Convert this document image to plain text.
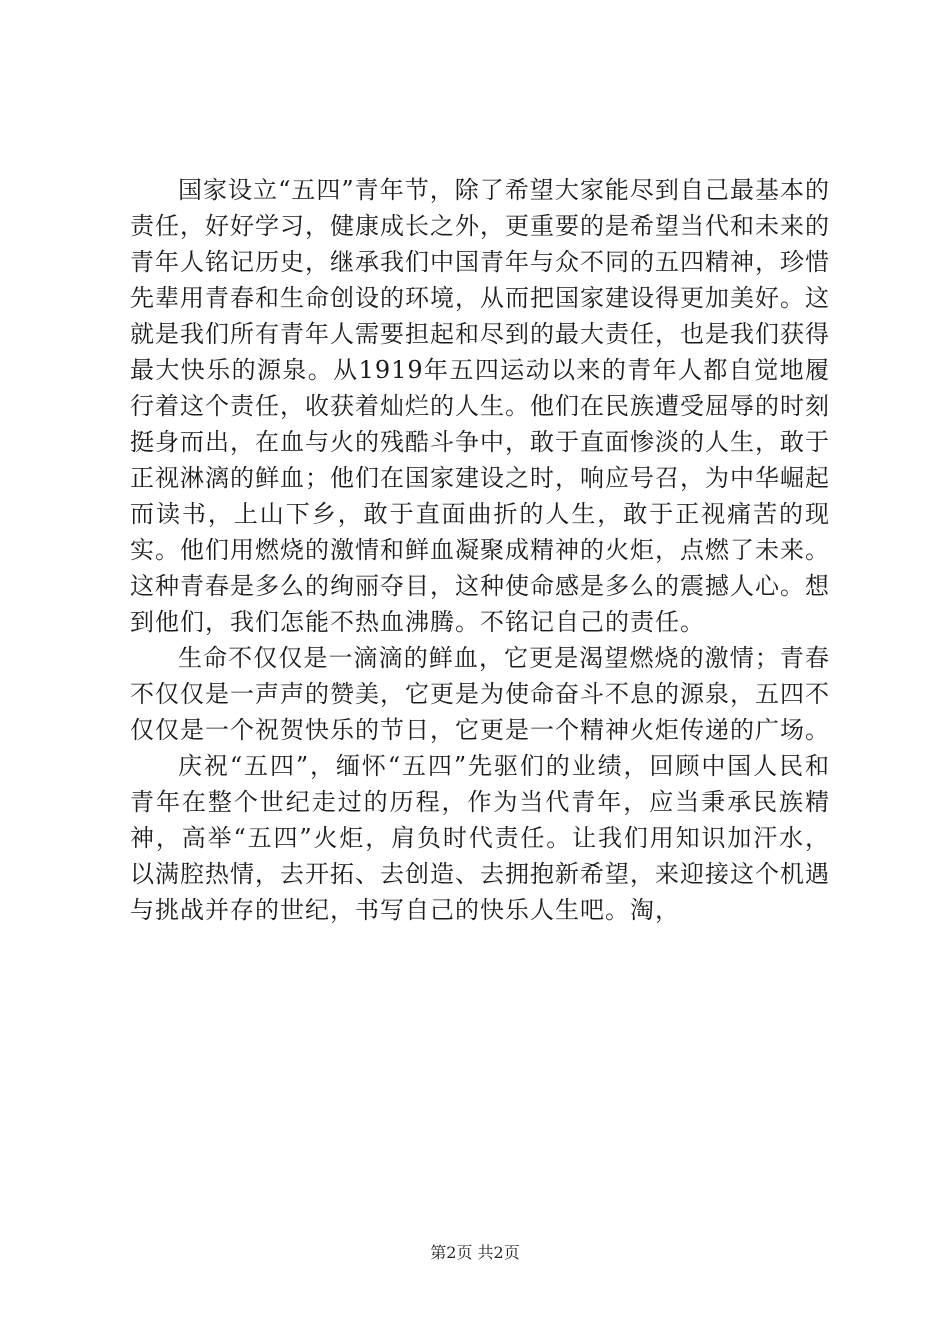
国家设立“五四”青年节，除了希望大家能尽到自己最基本的责任，好好学习，健康成长之外，更重要的是希望当代和未来的青年人铭记历史，继承我们中国青年与众不同的五四精神，珍惜先辈用青春和生命创设的环境，从而把国家建设得更加美好。这就是我们所有青年人需要担起和尽到的最大责任，也是我们获得最大快乐的源泉。从1919年五四运动以来的青年人都自觉地履行着这个责任，收获着灿烂的人生。他们在民族遭受屈辱的时刻挺身而出，在血与火的残酷斗争中，敢于直面惨淡的人生，敢于正视淋漓的鲜血；他们在国家建设之时，响应号召，为中华崛起而读书，上山下乡，敢于直面曲折的人生，敢于正视痛苦的现实。他们用燃烧的激情和鲜血凝聚成精神的火炬，点燃了未来。这种青春是多么的绚丽夺目，这种使命感是多么的震撼人心。想到他们，我们怎能不热血沸腾。不铭记自己的责任。

生命不仅仅是一滴滴的鲜血，它更是渴望燃烧的激情；青春不仅仅是一声声的赞美，它更是为使命奋斗不息的源泉，五四不仅仅是一个祝贺快乐的节日，它更是一个精神火炬传递的广场。

庆祝“五四”，缅怀“五四”先驱们的业绩，回顾中国人民和青年在整个世纪走过的历程，作为当代青年，应当秉承民族精神，高举“五四”火炬，肩负时代责任。让我们用知识加汗水，以满腔热情，去开拓、去创造、去拥抱新希望，来迎接这个机遇与挑战并存的世纪，书写自己的快乐人生吧。淘，

第2页 共2页
